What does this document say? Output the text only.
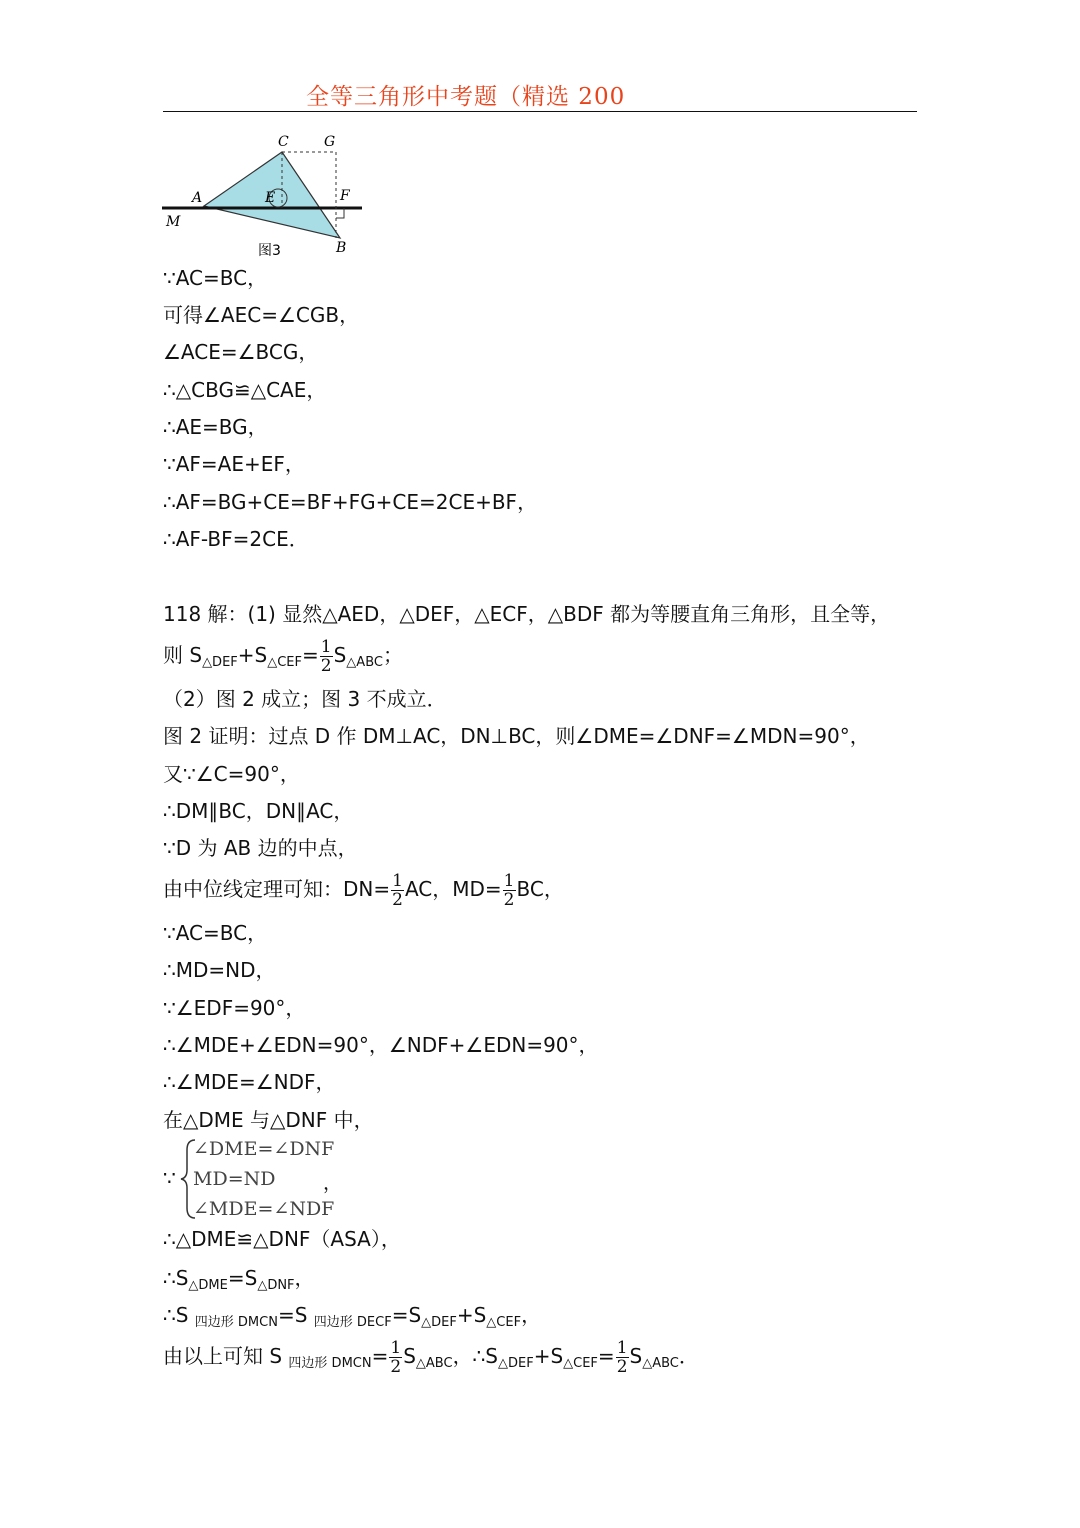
全等三角形中考题（精选 200
C	G
A	E	F
M
B
图3
∵AC=BC，
可得∠AEC=∠CGB，
∠ACE=∠BCG，
∴△CBG≌△CAE，
∴AE=BG，
∵AF=AE+EF，
∴AF=BG+CE=BF+FG+CE=2CE+BF，
∴AF-BF=2CE．
118 解：(1) 显然△AED，△DEF，△ECF，△BDF 都为等腰直角三角形，且全等，
则 $S_{\triangle DEF}+S_{\triangle CEF}= \frac{1}{2} S_{\triangle ABC}$；
（2）图 2 成立；图 3 不成立．
图 2 证明：过点 D 作 DM⊥AC，DN⊥BC，则∠DME=∠DNF=∠MDN=90°，
又∵∠C=90°，
∴DM∥BC，DN∥AC，
∵D 为 AB 边的中点，
由中位线定理可知：$DN= \frac{1}{2}$ AC，$MD= \frac{1}{2}$ BC，
∵AC=BC，
∴MD=ND，
∵∠EDF=90°，
∴∠MDE+∠EDN=90°，∠NDF+∠EDN=90°，
∴∠MDE=∠NDF，
在△DME 与△DNF 中，
∵
∠DME=∠DNF
MD=ND
∠MDE=∠NDF
，
∴△DME≌△DNF（ASA），
$\therefore S_{\triangle DME}=S_{\triangle DNF}$，
∴S $_{四边形 DMCN}$=S $_{四边形 DECF}=S_{\triangle DEF}+S_{\triangle CEF}$，
由以上可知 S $_{四边形 DMCN}= \frac{1}{2} S_{\triangle ABC}$，$\therefore S_{\triangle DEF}+S_{\triangle CEF}= \frac{1}{2} S_{\triangle ABC}$．
